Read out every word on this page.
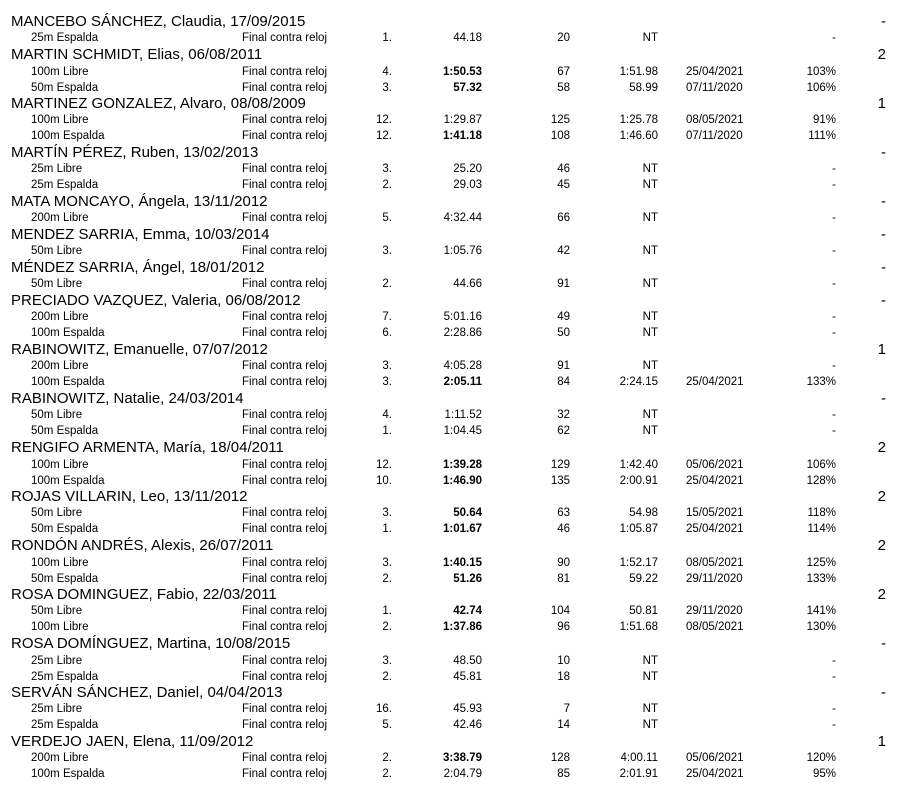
MANCEBO SÁNCHEZ, Claudia, 17/09/2015	-
25m Espalda	Final contra reloj	1.	44.18	20	NT	-
MARTIN SCHMIDT, Elias, 06/08/2011	2
100m Libre	Final contra reloj	4.	1:50.53	67	1:51.98 25/04/2021	103%
50m Espalda	Final contra reloj	3.	57.32	58	58.99 07/11/2020	106%
MARTINEZ GONZALEZ, Alvaro, 08/08/2009	1
100m Libre	Final contra reloj	12.	1:29.87	125	1:25.78 08/05/2021	91%
100m Espalda	Final contra reloj	12.	1:41.18	108	1:46.60 07/11/2020	111%
MARTÍN PÉREZ, Ruben, 13/02/2013	-
25m Libre	Final contra reloj	3.	25.20	46	NT	-
25m Espalda	Final contra reloj	2.	29.03	45	NT	-
MATA MONCAYO, Ángela, 13/11/2012	-
200m Libre	Final contra reloj	5.	4:32.44	66	NT	-
MENDEZ SARRIA, Emma, 10/03/2014	-
50m Libre	Final contra reloj	3.	1:05.76	42	NT	-
MÉNDEZ SARRIA, Ángel, 18/01/2012	-
50m Libre	Final contra reloj	2.	44.66	91	NT	-
PRECIADO VAZQUEZ, Valeria, 06/08/2012	-
200m Libre	Final contra reloj	7.	5:01.16	49	NT	-
100m Espalda	Final contra reloj	6.	2:28.86	50	NT	-
RABINOWITZ, Emanuelle, 07/07/2012	1
200m Libre	Final contra reloj	3.	4:05.28	91	NT	-
100m Espalda	Final contra reloj	3.	2:05.11	84	2:24.15 25/04/2021	133%
RABINOWITZ, Natalie, 24/03/2014	-
50m Libre	Final contra reloj	4.	1:11.52	32	NT	-
50m Espalda	Final contra reloj	1.	1:04.45	62	NT	-
RENGIFO ARMENTA, María, 18/04/2011	2
100m Libre	Final contra reloj	12.	1:39.28	129	1:42.40 05/06/2021	106%
100m Espalda	Final contra reloj	10.	1:46.90	135	2:00.91 25/04/2021	128%
ROJAS VILLARIN, Leo, 13/11/2012	2
50m Libre	Final contra reloj	3.	50.64	63	54.98 15/05/2021	118%
50m Espalda	Final contra reloj	1.	1:01.67	46	1:05.87 25/04/2021	114%
RONDÓN ANDRÉS, Alexis, 26/07/2011	2
100m Libre	Final contra reloj	3.	1:40.15	90	1:52.17 08/05/2021	125%
50m Espalda	Final contra reloj	2.	51.26	81	59.22 29/11/2020	133%
ROSA DOMINGUEZ, Fabio, 22/03/2011	2
50m Libre	Final contra reloj	1.	42.74	104	50.81 29/11/2020	141%
100m Libre	Final contra reloj	2.	1:37.86	96	1:51.68 08/05/2021	130%
ROSA DOMÍNGUEZ, Martina, 10/08/2015	-
25m Libre	Final contra reloj	3.	48.50	10	NT	-
25m Espalda	Final contra reloj	2.	45.81	18	NT	-
SERVÁN SÁNCHEZ, Daniel, 04/04/2013	-
25m Libre	Final contra reloj	16.	45.93	7	NT	-
25m Espalda	Final contra reloj	5.	42.46	14	NT	-
VERDEJO JAEN, Elena, 11/09/2012	1
200m Libre	Final contra reloj	2.	3:38.79	128	4:00.11 05/06/2021	120%
100m Espalda	Final contra reloj	2.	2:04.79	85	2:01.91 25/04/2021	95%
